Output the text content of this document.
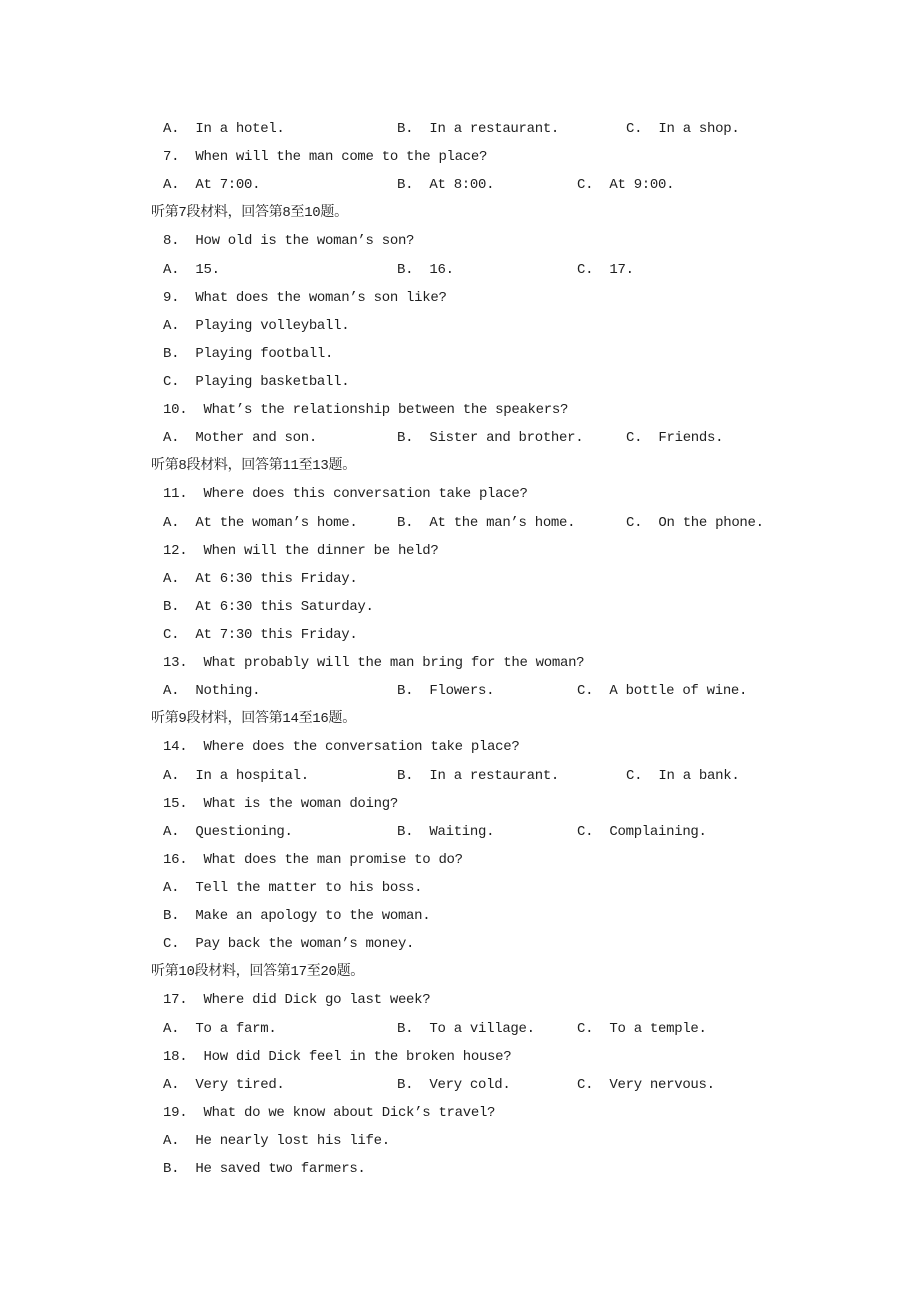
A.  In a hotel.	B.  In a restaurant.	C.  In a shop.
7.  When will the man come to the place?
A.  At 7:00.	B.  At 8:00.	C.  At 9:00.
听第7段材料，回答第8至10题。
8.  How old is the woman’s son?
A.  15.	B.  16.	C.  17.
9.  What does the woman’s son like?
A.  Playing volleyball.
B.  Playing football.
C.  Playing basketball.
10.  What’s the relationship between the speakers?
A.  Mother and son.	B.  Sister and brother.	C.  Friends.
听第8段材料，回答第11至13题。
11.  Where does this conversation take place?
A.  At the woman’s home.	B.  At the man’s home.	C.  On the phone.
12.  When will the dinner be held?
A.  At 6:30 this Friday.
B.  At 6:30 this Saturday.
C.  At 7:30 this Friday.
13.  What probably will the man bring for the woman?
A.  Nothing.	B.  Flowers.	C.  A bottle of wine.
听第9段材料，回答第14至16题。
14.  Where does the conversation take place?
A.  In a hospital.	B.  In a restaurant.	C.  In a bank.
15.  What is the woman doing?
A.  Questioning.	B.  Waiting.	C.  Complaining.
16.  What does the man promise to do?
A.  Tell the matter to his boss.
B.  Make an apology to the woman.
C.  Pay back the woman’s money.
听第10段材料，回答第17至20题。
17.  Where did Dick go last week?
A.  To a farm.	B.  To a village.	C.  To a temple.
18.  How did Dick feel in the broken house?
A.  Very tired.	B.  Very cold.	C.  Very nervous.
19.  What do we know about Dick’s travel?
A.  He nearly lost his life.
B.  He saved two farmers.
